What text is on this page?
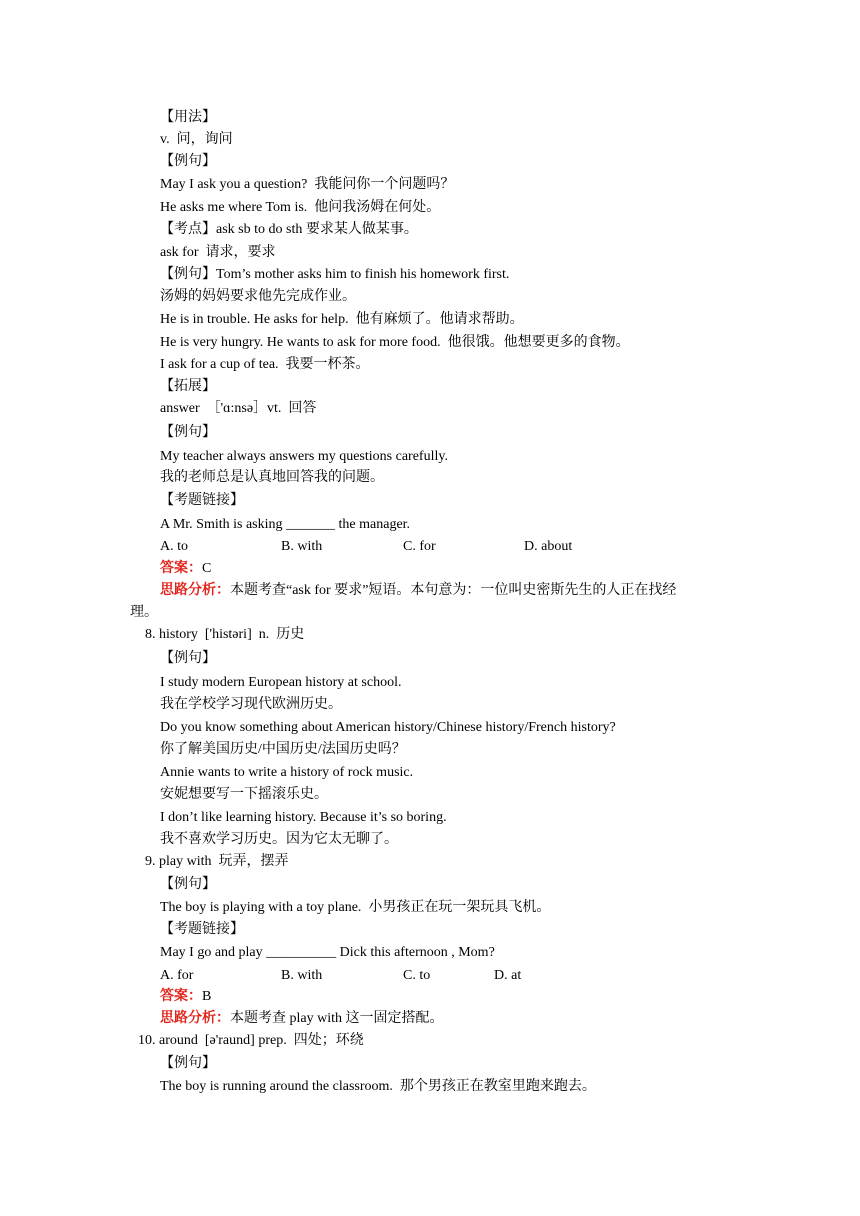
【用法】
v.  问，询问
【例句】
May I ask you a question?  我能问你一个问题吗？
He asks me where Tom is.  他问我汤姆在何处。
【考点】ask sb to do sth 要求某人做某事。
ask for  请求，要求
【例句】Tom’s mother asks him to finish his homework first.
汤姆的妈妈要求他先完成作业。
He is in trouble. He asks for help.  他有麻烦了。他请求帮助。
He is very hungry. He wants to ask for more food.  他很饿。他想要更多的食物。
I ask for a cup of tea.  我要一杯茶。
【拓展】
answer  ［'ɑ:nsə］vt.  回答
【例句】
My teacher always answers my questions carefully.
我的老师总是认真地回答我的问题。
【考题链接】
A Mr. Smith is asking _______ the manager.
A. to	B. with	C. for	D. about
答案：C
思路分析：本题考查“ask for 要求”短语。本句意为：一位叫史密斯先生的人正在找经
理。
8. history  ['histəri]  n.  历史
【例句】
I study modern European history at school.
我在学校学习现代欧洲历史。
Do you know something about American history/Chinese history/French history?
你了解美国历史/中国历史/法国历史吗？
Annie wants to write a history of rock music.
安妮想要写一下摇滚乐史。
I don’t like learning history. Because it’s so boring.
我不喜欢学习历史。因为它太无聊了。
9. play with  玩弄，摆弄
【例句】
The boy is playing with a toy plane.  小男孩正在玩一架玩具飞机。
【考题链接】
May I go and play __________ Dick this afternoon , Mom?
A. for	B. with	C. to	D. at
答案：B
思路分析：本题考查 play with 这一固定搭配。
10. around  [ə'raund] prep.  四处；环绕
【例句】
The boy is running around the classroom.  那个男孩正在教室里跑来跑去。
